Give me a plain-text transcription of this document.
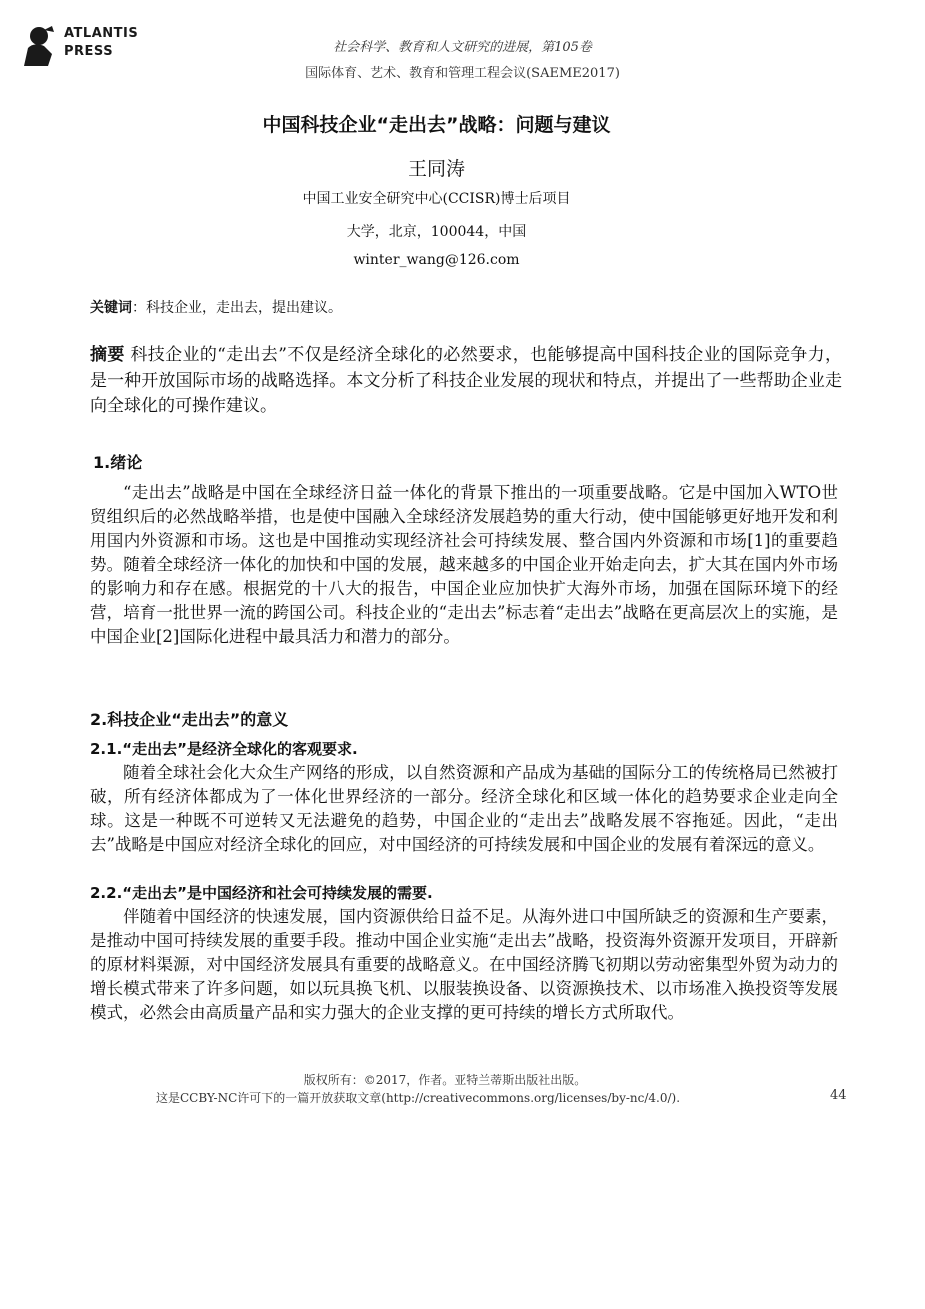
ATLANTIS
PRESS	社会科学、教育和人文研究的进展，第105卷
国际体育、艺术、教育和管理工程会议(SAEME2017)
中国科技企业“走出去”战略：问题与建议
王同涛
中国工业安全研究中心(CCISR)博士后项目
大学，北京，100044，中国
winter_wang@126.com
关键词：科技企业，走出去，提出建议。
摘要 科技企业的“走出去”不仅是经济全球化的必然要求，也能够提高中国科技企业的国际竞争力，是一种开放国际市场的战略选择。本文分析了科技企业发展的现状和特点，并提出了一些帮助企业走向全球化的可操作建议。
1.绪论
“走出去”战略是中国在全球经济日益一体化的背景下推出的一项重要战略。它是中国加入WTO世贸组织后的必然战略举措，也是使中国融入全球经济发展趋势的重大行动，使中国能够更好地开发和利用国内外资源和市场。这也是中国推动实现经济社会可持续发展、整合国内外资源和市场[1]的重要趋势。随着全球经济一体化的加快和中国的发展，越来越多的中国企业开始走向去，扩大其在国内外市场的影响力和存在感。根据党的十八大的报告，中国企业应加快扩大海外市场，加强在国际环境下的经营，培育一批世界一流的跨国公司。科技企业的“走出去”标志着“走出去”战略在更高层次上的实施，是中国企业[2]国际化进程中最具活力和潜力的部分。
2.科技企业“走出去”的意义
2.1.“走出去”是经济全球化的客观要求.
随着全球社会化大众生产网络的形成，以自然资源和产品成为基础的国际分工的传统格局已然被打破，所有经济体都成为了一体化世界经济的一部分。经济全球化和区域一体化的趋势要求企业走向全球。这是一种既不可逆转又无法避免的趋势，中国企业的“走出去”战略发展不容拖延。因此，“走出去”战略是中国应对经济全球化的回应，对中国经济的可持续发展和中国企业的发展有着深远的意义。
2.2.“走出去”是中国经济和社会可持续发展的需要.
伴随着中国经济的快速发展，国内资源供给日益不足。从海外进口中国所缺乏的资源和生产要素，是推动中国可持续发展的重要手段。推动中国企业实施“走出去”战略，投资海外资源开发项目，开辟新的原材料渠源，对中国经济发展具有重要的战略意义。在中国经济腾飞初期以劳动密集型外贸为动力的增长模式带来了许多问题，如以玩具换飞机、以服装换设备、以资源换技术、以市场准入换投资等发展模式，必然会由高质量产品和实力强大的企业支撑的更可持续的增长方式所取代。
版权所有：©2017，作者。亚特兰蒂斯出版社出版。
这是CCBY-NC许可下的一篇开放获取文章(http://creativecommons.org/licenses/by-nc/4.0/).	44
